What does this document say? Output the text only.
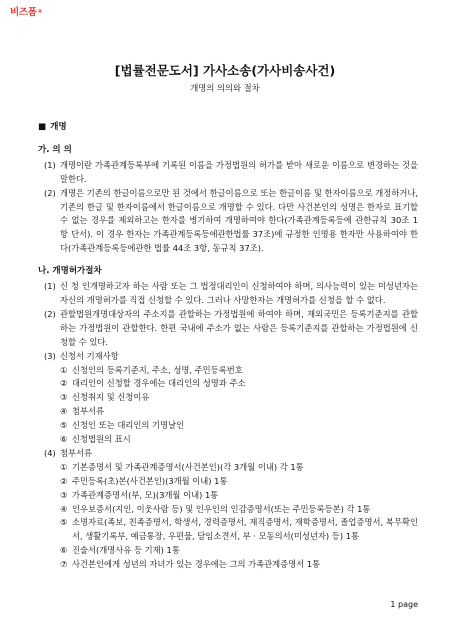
비즈폼®
[법률전문도서] 가사소송(가사비송사건)
개명의 의의와 절차
■ 개명
가. 의 의
(1) 개명이란 가족관계등록부에 기록된 이름을 가정법원의 허가를 받아 새로운 이름으로 변경하는 것을 말한다.
(2) 개명은 기존의 한글이름으로만 된 것에서 한글이름으로 또는 한글이름 및 한자이름으로 개정하거나, 기존의 한글 및 한자이름에서 한글이름으로 개명할 수 있다. 다만 사건본인의 성명은 한자로 표기할 수 없는 경우를 제외하고는 한자를 병기하여 개명하여야 한다(가족관계등록등에 관한규칙 30조 1항 단서). 이 경우 한자는 가족관계등록등에관한법률 37조)에 규정한 인명용 한자만 사용하여야 한다(가족관계등록등에관한 법률 44조 3항, 동규칙 37조).
나. 개명허가절차
(1) 신 청 인개명하고자 하는 사람 또는 그 법정대리인이 신청하여야 하며, 의사능력이 있는 미성년자는 자신의 개명허가를 직접 신청할 수 있다. 그러나 사망한자는 개명허가를 신청을 할 수 없다.
(2) 관할법원개명대상자의 주소지를 관할하는 가정법원에 하여야 하며, 재외국민은 등록기준지를 관할하는 가정법원이 관할한다. 한편 국내에 주소가 없는 사람은 등록기준지를 관할하는 가정법원에 신청할 수 있다.
(3) 신청서 기재사항
① 신청인의 등록기준지, 주소, 성명, 주민등록번호
② 대리인이 신청할 경우에는 대리인의 성명과 주소
③ 신청취지 및 신청이유
④ 첨부서류
⑤ 신청인 또는 대리인의 기명날인
⑥ 신청법원의 표시
(4) 첨부서류
① 기본증명서 및 가족관계증명서(사건본인)(각 3개월 이내) 각 1통
② 주민등록(초)본(사건본인)(3개월 이내) 1통
③ 가족관계증명서(부, 모)(3개월 이내) 1통
④ 인우보증서(지인, 이웃사람 등) 및 인우인의 인감증명서(또는 주민등록등본) 각 1통
⑤ 소명자료(족보, 친족증명서, 학생서, 경력증명서, 재직증명서, 재학증명서, 졸업증명서, 복무확인서, 생활기록부, 예금통장, 우편물, 담임소견서, 부 · 모동의서(미성년자) 등) 1통
⑥ 진술서(개명사유 등 기재) 1통
⑦ 사건본인에게 성년의 자녀가 있는 경우에는 그의 가족관계증명서 1통
1 page
